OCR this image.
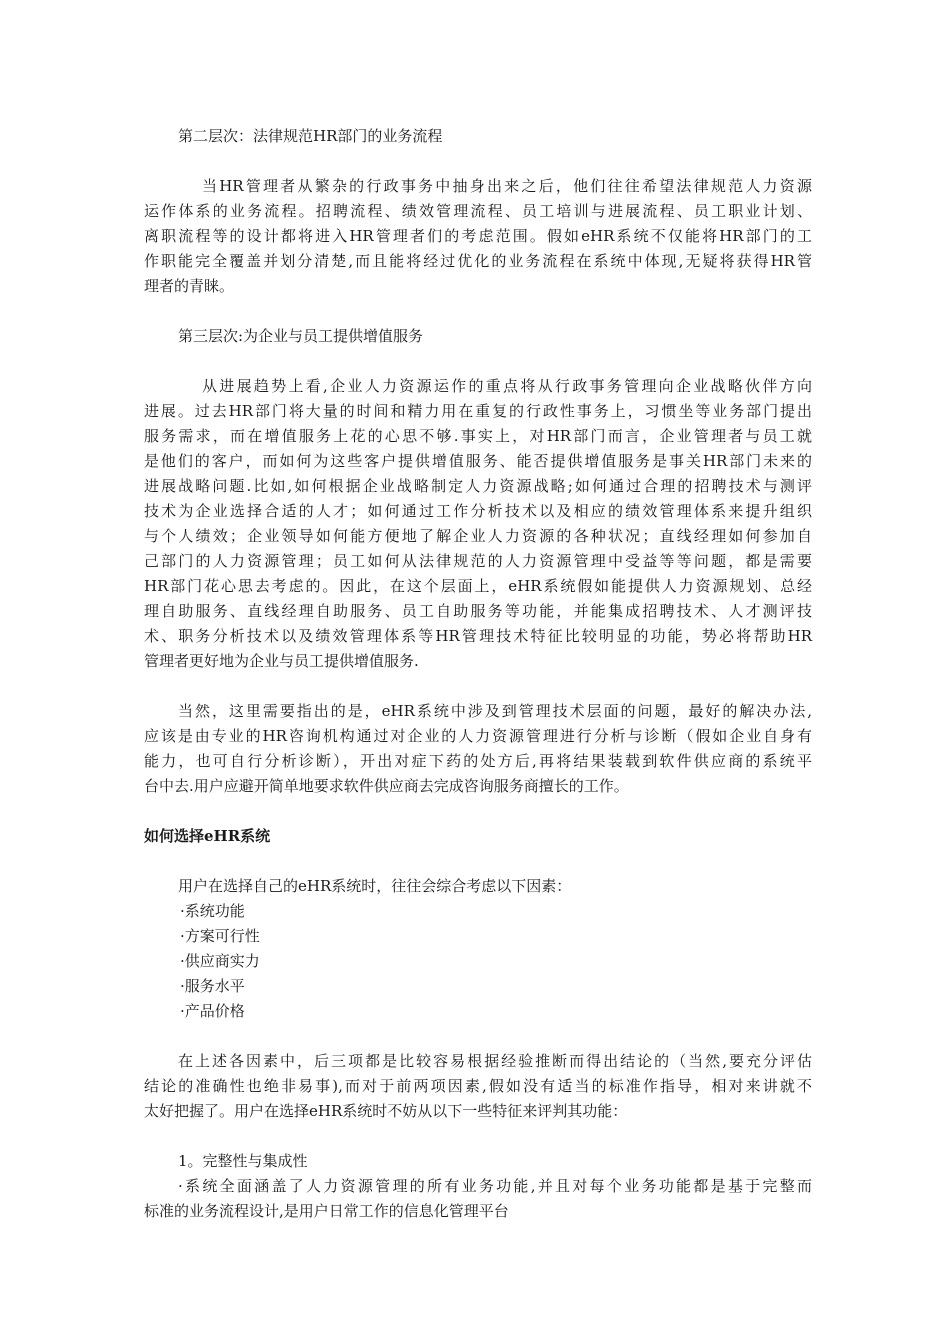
第二层次：法律规范HR部门的业务流程

当HR管理者从繁杂的行政事务中抽身出来之后，他们往往希望法律规范人力资源

运作体系的业务流程。招聘流程、绩效管理流程、员工培训与进展流程、员工职业计划、

离职流程等的设计都将进入HR管理者们的考虑范围。假如eHR系统不仅能将HR部门的工

作职能完全覆盖并划分清楚,而且能将经过优化的业务流程在系统中体现,无疑将获得HR管

理者的青睐。

第三层次:为企业与员工提供增值服务

从进展趋势上看,企业人力资源运作的重点将从行政事务管理向企业战略伙伴方向

进展。过去HR部门将大量的时间和精力用在重复的行政性事务上，习惯坐等业务部门提出

服务需求，而在增值服务上花的心思不够.事实上，对HR部门而言，企业管理者与员工就

是他们的客户，而如何为这些客户提供增值服务、能否提供增值服务是事关HR部门未来的

进展战略问题.比如,如何根据企业战略制定人力资源战略;如何通过合理的招聘技术与测评

技术为企业选择合适的人才；如何通过工作分析技术以及相应的绩效管理体系来提升组织

与个人绩效；企业领导如何能方便地了解企业人力资源的各种状况；直线经理如何参加自

己部门的人力资源管理；员工如何从法律规范的人力资源管理中受益等等问题，都是需要

HR部门花心思去考虑的。因此，在这个层面上，eHR系统假如能提供人力资源规划、总经

理自助服务、直线经理自助服务、员工自助服务等功能，并能集成招聘技术、人才测评技

术、职务分析技术以及绩效管理体系等HR管理技术特征比较明显的功能，势必将帮助HR

管理者更好地为企业与员工提供增值服务.

当然，这里需要指出的是，eHR系统中涉及到管理技术层面的问题，最好的解决办法,

应该是由专业的HR咨询机构通过对企业的人力资源管理进行分析与诊断（假如企业自身有

能力，也可自行分析诊断），开出对症下药的处方后,再将结果装载到软件供应商的系统平

台中去.用户应避开简单地要求软件供应商去完成咨询服务商擅长的工作。

如何选择eHR系统

用户在选择自己的eHR系统时，往往会综合考虑以下因素：

·系统功能

·方案可行性

·供应商实力

·服务水平

·产品价格

在上述各因素中，后三项都是比较容易根据经验推断而得出结论的（当然,要充分评估

结论的准确性也绝非易事),而对于前两项因素,假如没有适当的标准作指导，相对来讲就不

太好把握了。用户在选择eHR系统时不妨从以下一些特征来评判其功能：

1。完整性与集成性

·系统全面涵盖了人力资源管理的所有业务功能,并且对每个业务功能都是基于完整而

标准的业务流程设计,是用户日常工作的信息化管理平台
